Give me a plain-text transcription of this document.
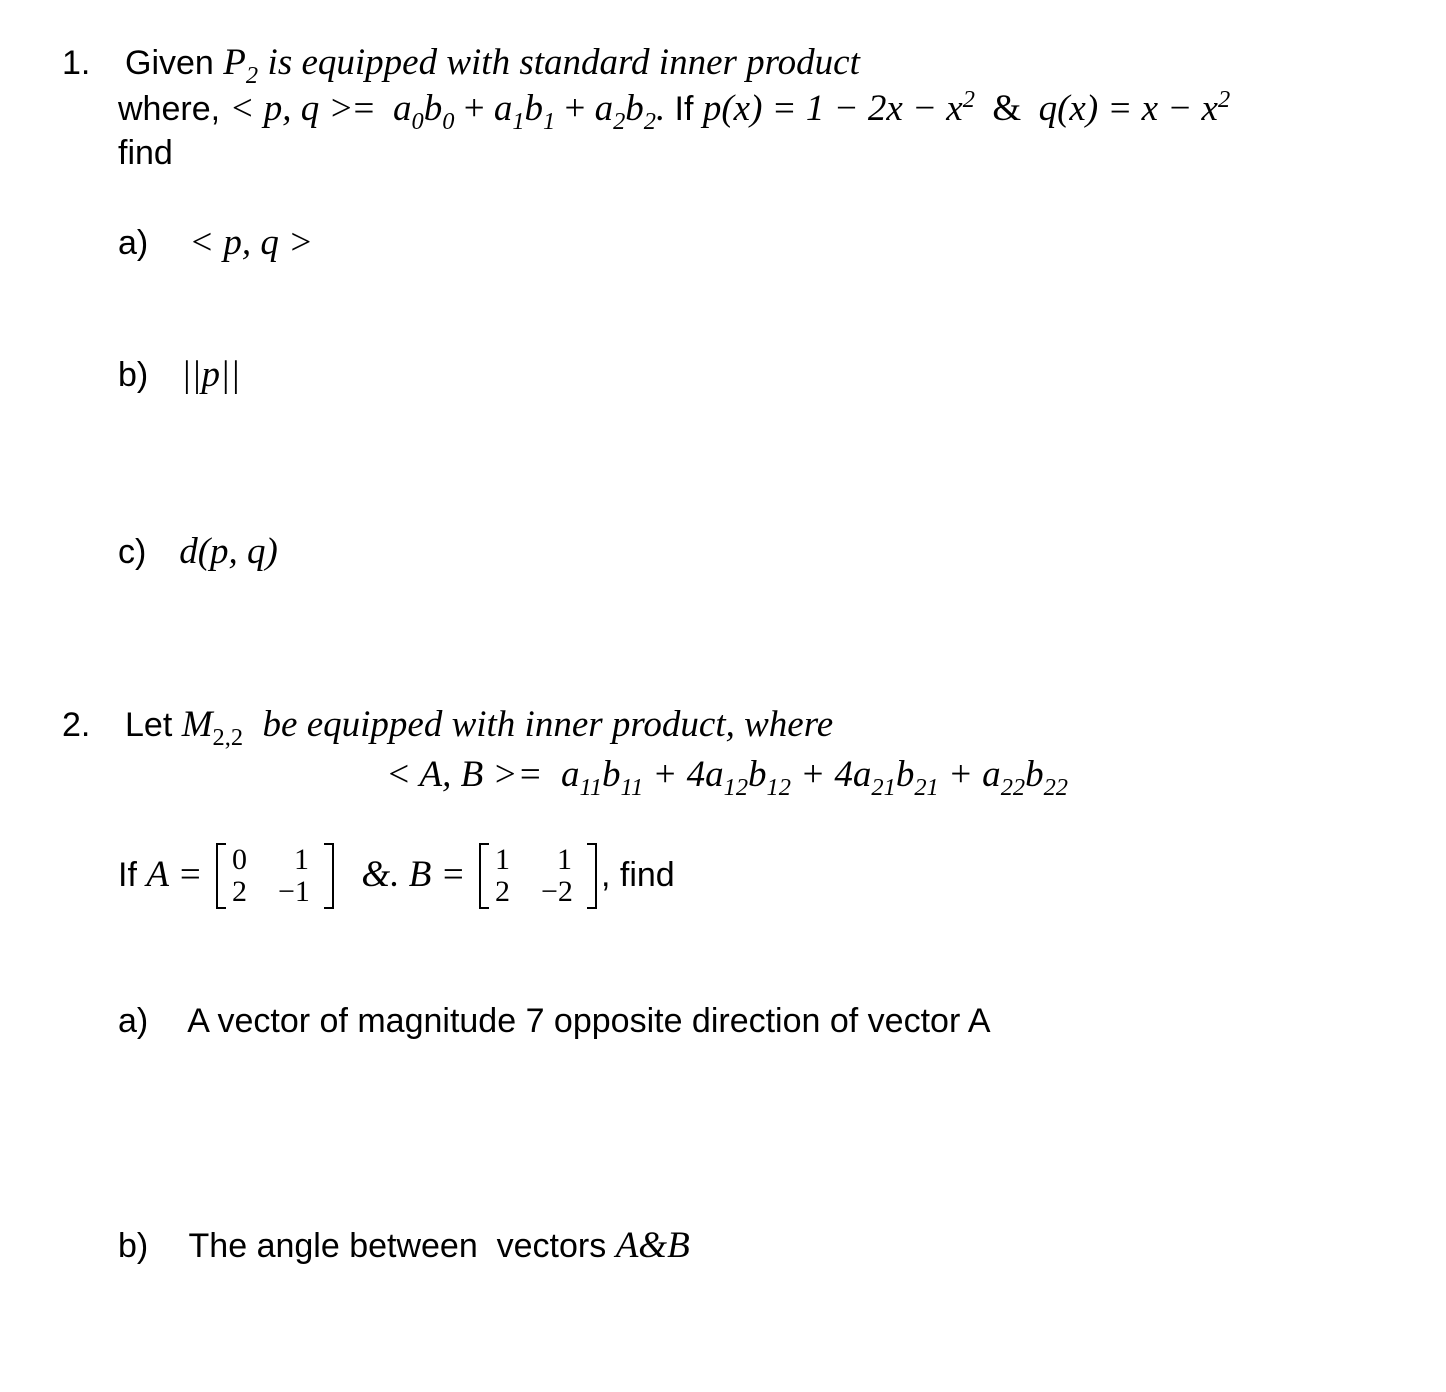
1. Given $P_2$ is equipped with standard inner product
where, < p, $q >= a_0b_0 + a_1b_1 + a_2b_2$. If $p(x) = 1 - 2x - x^2$ & $q(x) = x - x^2$
find
a) < p, q >
b) ||p||
c) d(p, q)
2. Let $M_{2,2}$ be equipped with inner product, where
< A, $B >= a_{11}b_{11} + 4a_{12}b_{12} + 4a_{21}b_{21} + a_{22}b_{22}$
If A = 0 1
2 −1 &. B = 1 1
2 −2 , find
a) A vector of magnitude 7 opposite direction of vector A
b) The angle between  vectors A&B
